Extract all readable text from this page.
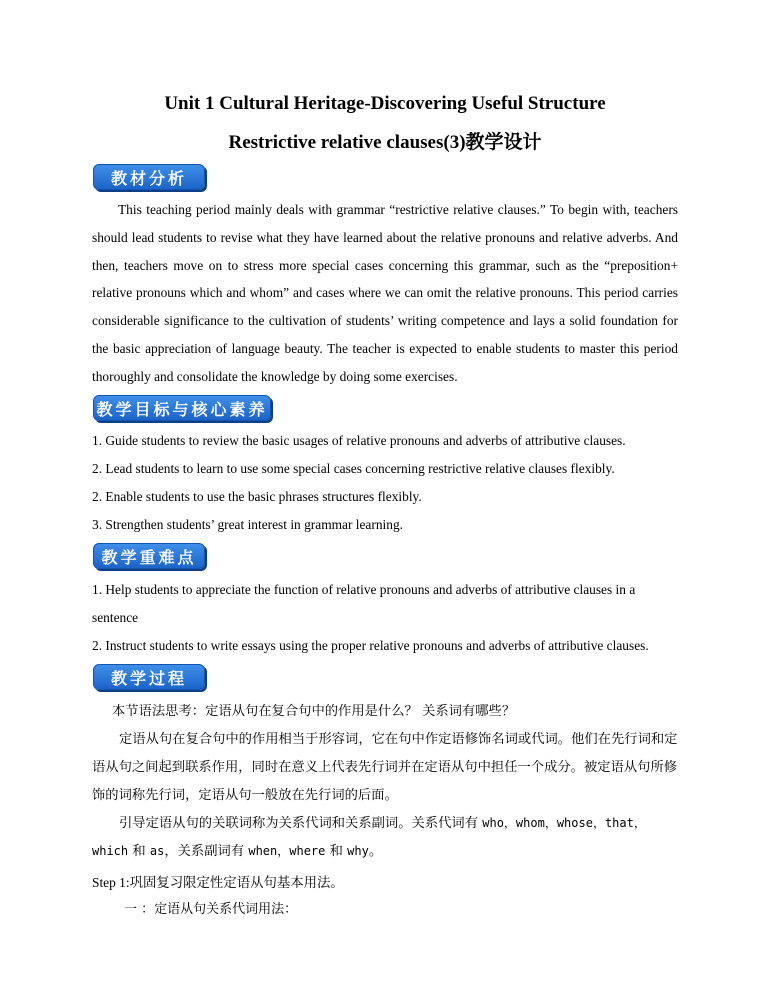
Unit 1 Cultural Heritage-Discovering Useful Structure
Restrictive relative clauses(3)教学设计
教材分析
This teaching period mainly deals with grammar “restrictive relative clauses.” To begin with, teachers should lead students to revise what they have learned about the relative pronouns and relative adverbs. And then, teachers move on to stress more special cases concerning this grammar, such as the “preposition+ relative pronouns which and whom” and cases where we can omit the relative pronouns. This period carries considerable significance to the cultivation of students’ writing competence and lays a solid foundation for the basic appreciation of language beauty. The teacher is expected to enable students to master this period thoroughly and consolidate the knowledge by doing some exercises.
教学目标与核心素养
1. Guide students to review the basic usages of relative pronouns and adverbs of attributive clauses.
2. Lead students to learn to use some special cases concerning restrictive relative clauses flexibly.
2. Enable students to use the basic phrases structures flexibly.
3. Strengthen students’ great interest in grammar learning.
教学重难点
1. Help students to appreciate the function of relative pronouns and adverbs of attributive clauses in a
sentence
2. Instruct students to write essays using the proper relative pronouns and adverbs of attributive clauses.
教学过程
本节语法思考：定语从句在复合句中的作用是什么？ 关系词有哪些？
定语从句在复合句中的作用相当于形容词，它在句中作定语修饰名词或代词。他们在先行词和定语从句之间起到联系作用，同时在意义上代表先行词并在定语从句中担任一个成分。被定语从句所修饰的词称先行词，定语从句一般放在先行词的后面。
引导定语从句的关联词称为关系代词和关系副词。关系代词有 who，whom，whose，that，which 和 as，关系副词有 when，where 和 why。
Step 1:巩固复习限定性定语从句基本用法。
一 ：定语从句关系代词用法：
